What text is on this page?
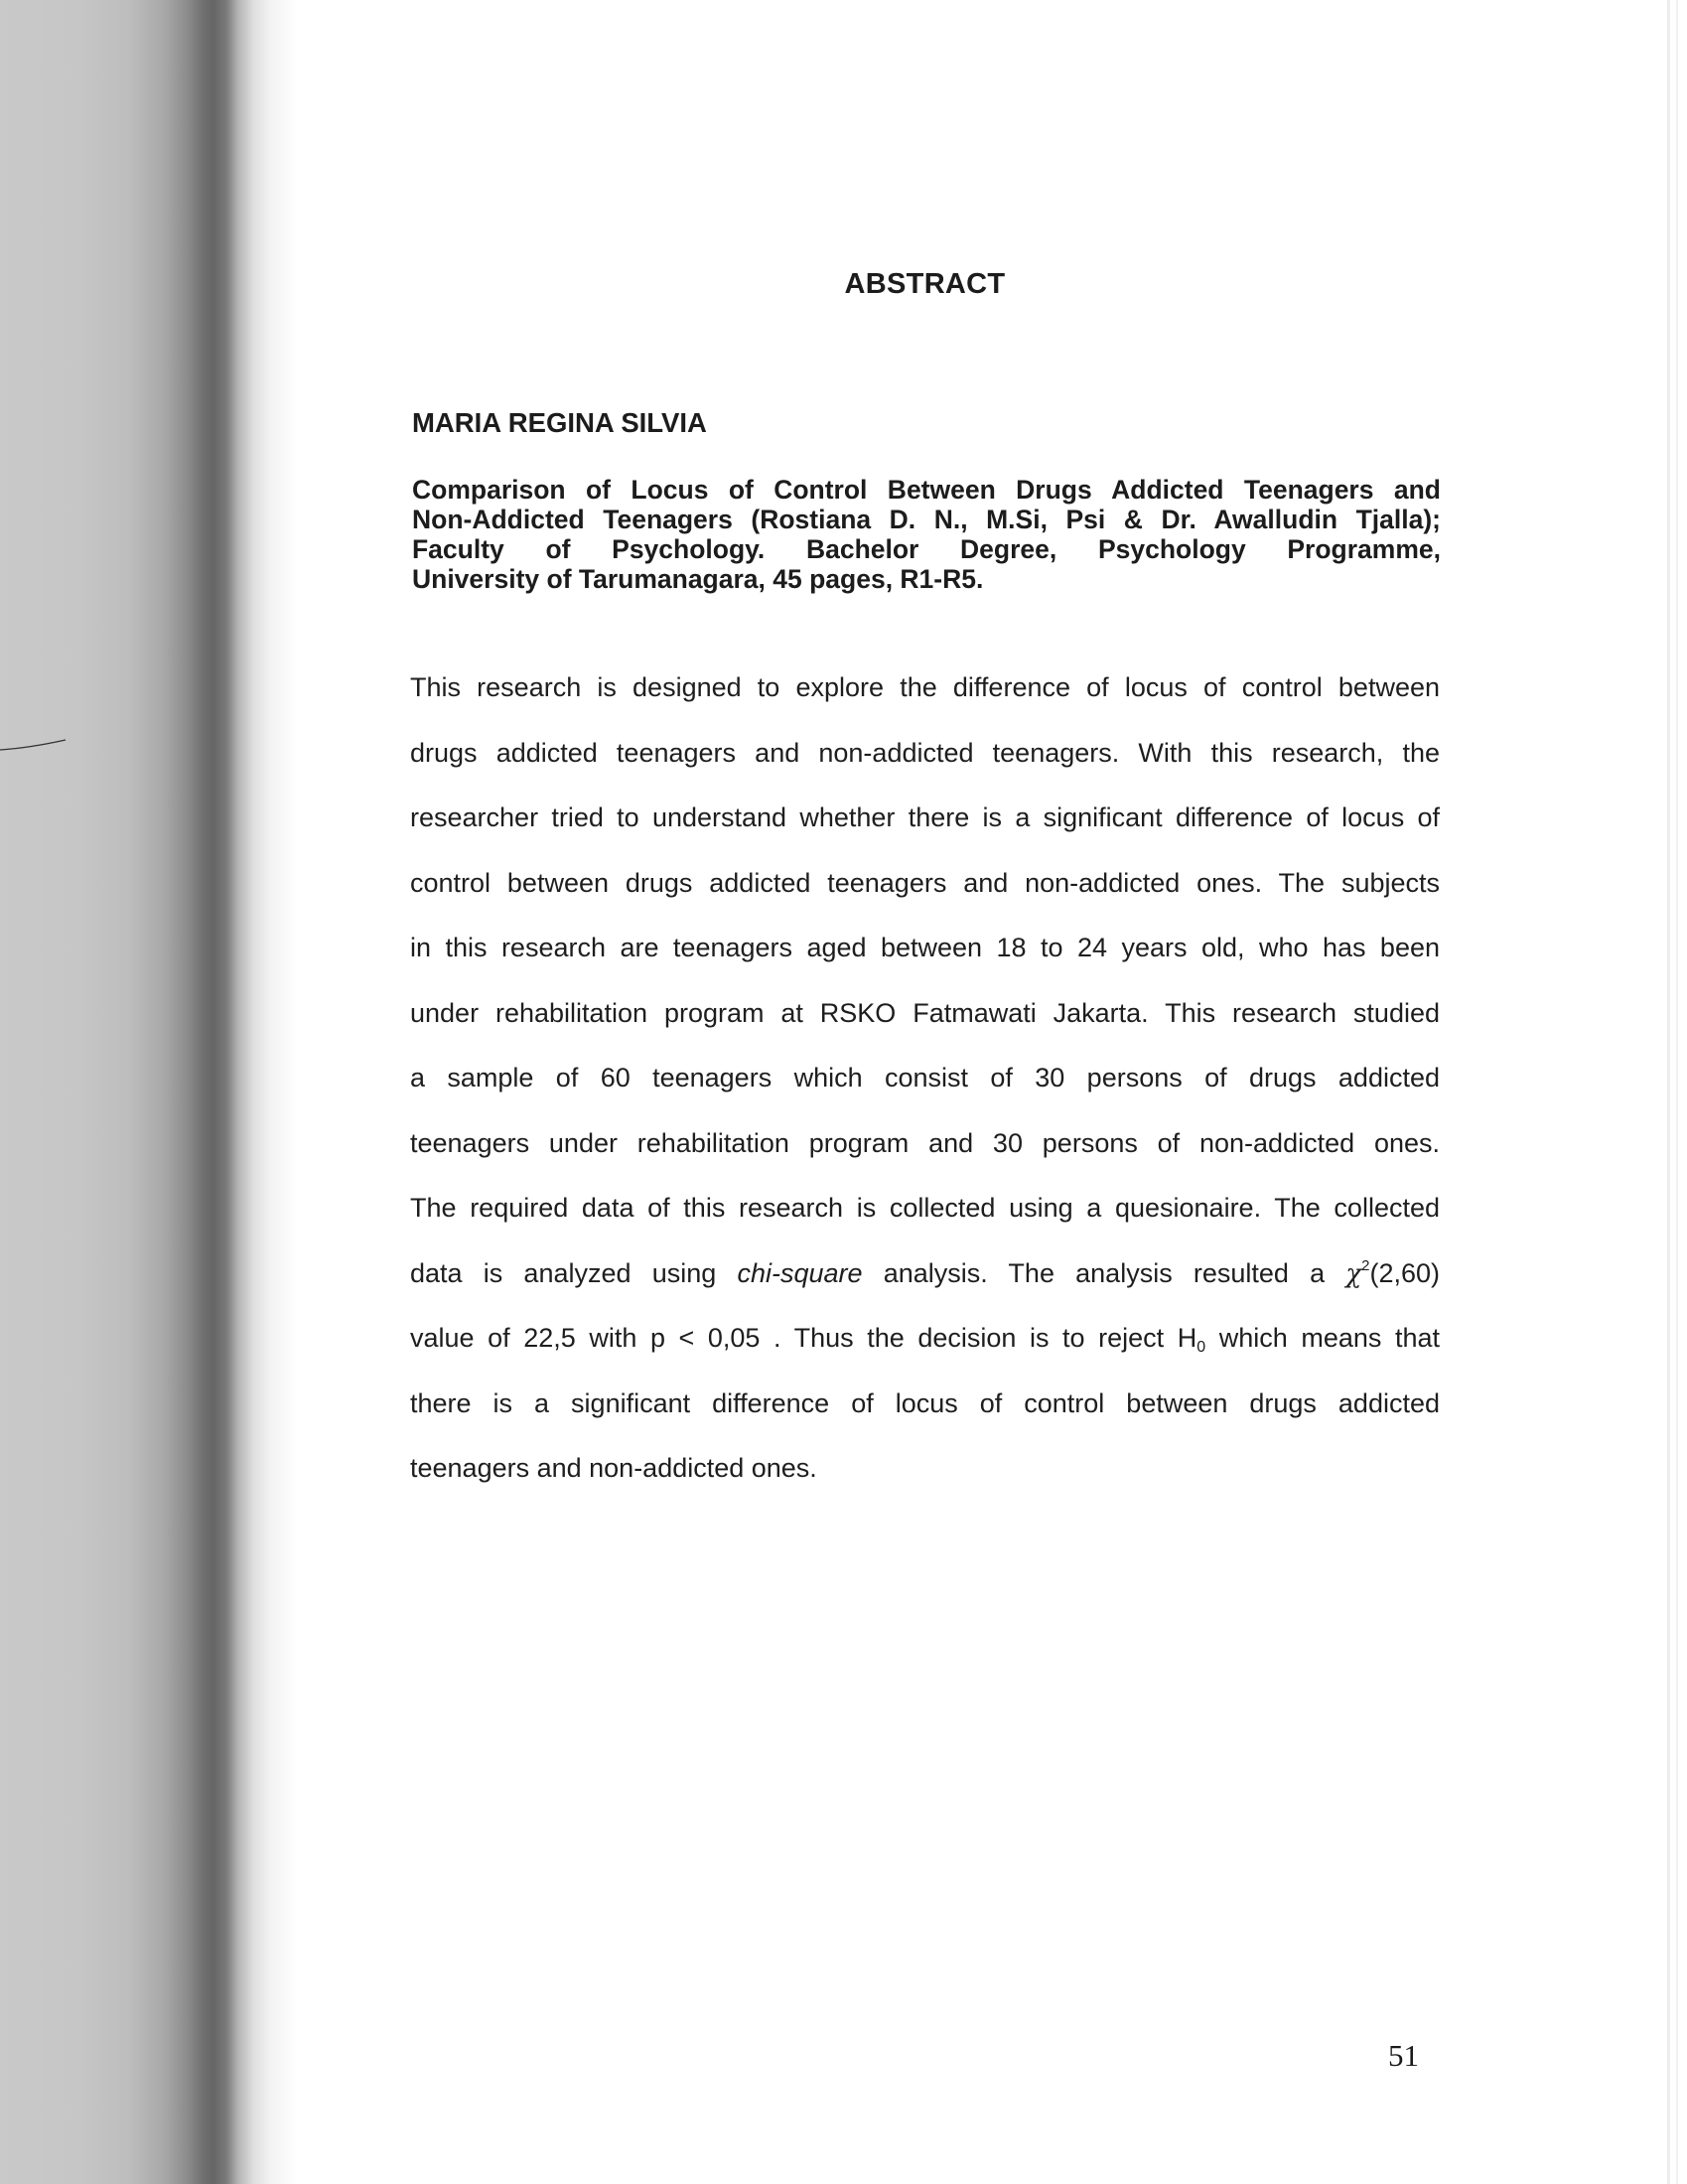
ABSTRACT
MARIA REGINA SILVIA
Comparison of Locus of Control Between Drugs Addicted Teenagers and
Non-Addicted Teenagers (Rostiana D. N., M.Si, Psi & Dr. Awalludin Tjalla);
Faculty of Psychology. Bachelor Degree, Psychology Programme,
University of Tarumanagara, 45 pages, R1-R5.
This research is designed to explore the difference of locus of control between
drugs addicted teenagers and non-addicted teenagers. With this research, the
researcher tried to understand whether there is a significant difference of locus of
control between drugs addicted teenagers and non-addicted ones. The subjects
in this research are teenagers aged between 18 to 24 years old, who has been
under rehabilitation program at RSKO Fatmawati Jakarta. This research studied
a sample of 60 teenagers which consist of 30 persons of drugs addicted
teenagers under rehabilitation program and 30 persons of non-addicted ones.
The required data of this research is collected using a quesionaire. The collected
data is analyzed using chi-square analysis. The analysis resulted a $\chi^2(2,60)$
value of 22,5 with p < 0,05 . Thus the decision is to reject $H_0$ which means that
there is a significant difference of locus of control between drugs addicted
teenagers and non-addicted ones.
51
